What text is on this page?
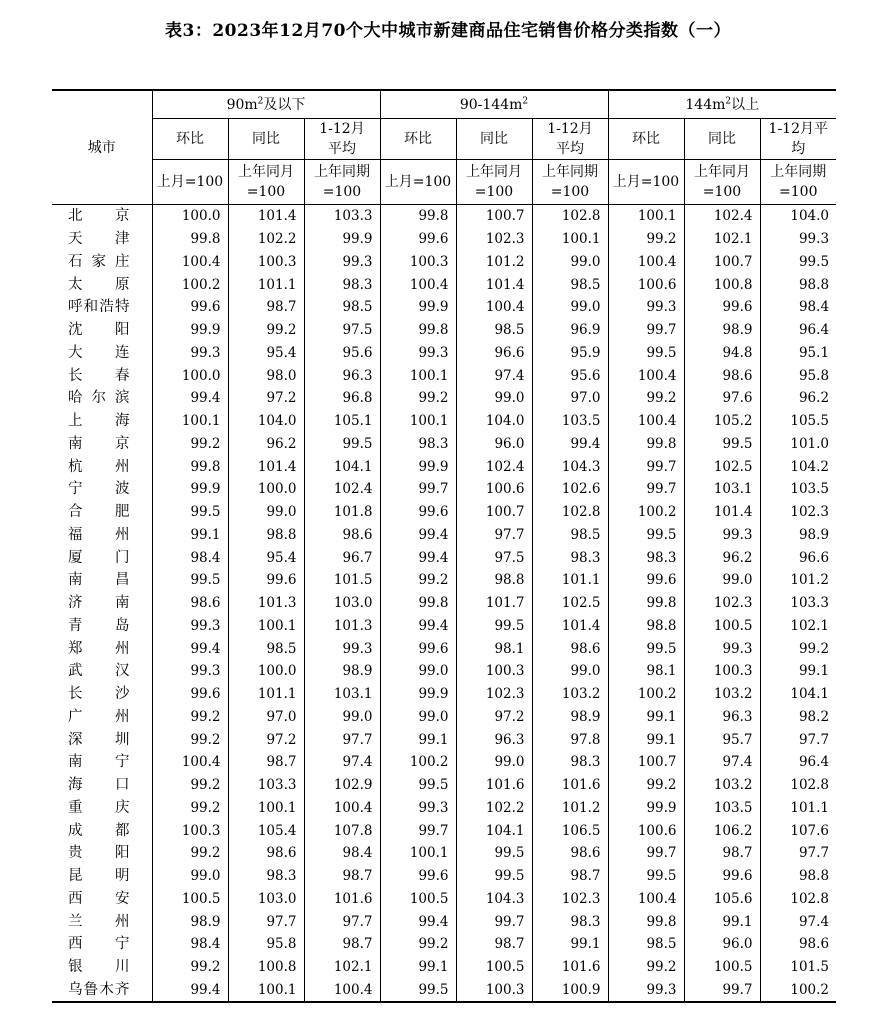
表3：2023年12月70个大中城市新建商品住宅销售价格分类指数（一）
城市	$90m^2$及以下			$90-144m^2$			$144m^2$以上		
	环比	同比	1-12月平均	环比	同比	1-12月平均	环比	同比	1-12月平均
	上月=100	上年同月=100	上年同期=100	上月=100	上年同月=100	上年同期=100	上月=100	上年同月=100	上年同期=100
北京	100.0	101.4	103.3	99.8	100.7	102.8	100.1	102.4	104.0
天津	99.8	102.2	99.9	99.6	102.3	100.1	99.2	102.1	99.3
石家庄	100.4	100.3	99.3	100.3	101.2	99.0	100.4	100.7	99.5
太原	100.2	101.1	98.3	100.4	101.4	98.5	100.6	100.8	98.8
呼和浩特	99.6	98.7	98.5	99.9	100.4	99.0	99.3	99.6	98.4
沈阳	99.9	99.2	97.5	99.8	98.5	96.9	99.7	98.9	96.4
大连	99.3	95.4	95.6	99.3	96.6	95.9	99.5	94.8	95.1
长春	100.0	98.0	96.3	100.1	97.4	95.6	100.4	98.6	95.8
哈尔滨	99.4	97.2	96.8	99.2	99.0	97.0	99.2	97.6	96.2
上海	100.1	104.0	105.1	100.1	104.0	103.5	100.4	105.2	105.5
南京	99.2	96.2	99.5	98.3	96.0	99.4	99.8	99.5	101.0
杭州	99.8	101.4	104.1	99.9	102.4	104.3	99.7	102.5	104.2
宁波	99.9	100.0	102.4	99.7	100.6	102.6	99.7	103.1	103.5
合肥	99.5	99.0	101.8	99.6	100.7	102.8	100.2	101.4	102.3
福州	99.1	98.8	98.6	99.4	97.7	98.5	99.5	99.3	98.9
厦门	98.4	95.4	96.7	99.4	97.5	98.3	98.3	96.2	96.6
南昌	99.5	99.6	101.5	99.2	98.8	101.1	99.6	99.0	101.2
济南	98.6	101.3	103.0	99.8	101.7	102.5	99.8	102.3	103.3
青岛	99.3	100.1	101.3	99.4	99.5	101.4	98.8	100.5	102.1
郑州	99.4	98.5	99.3	99.6	98.1	98.6	99.5	99.3	99.2
武汉	99.3	100.0	98.9	99.0	100.3	99.0	98.1	100.3	99.1
长沙	99.6	101.1	103.1	99.9	102.3	103.2	100.2	103.2	104.1
广州	99.2	97.0	99.0	99.0	97.2	98.9	99.1	96.3	98.2
深圳	99.2	97.2	97.7	99.1	96.3	97.8	99.1	95.7	97.7
南宁	100.4	98.7	97.4	100.2	99.0	98.3	100.7	97.4	96.4
海口	99.2	103.3	102.9	99.5	101.6	101.6	99.2	103.2	102.8
重庆	99.2	100.1	100.4	99.3	102.2	101.2	99.9	103.5	101.1
成都	100.3	105.4	107.8	99.7	104.1	106.5	100.6	106.2	107.6
贵阳	99.2	98.6	98.4	100.1	99.5	98.6	99.7	98.7	97.7
昆明	99.0	98.3	98.7	99.6	99.5	98.7	99.5	99.6	98.8
西安	100.5	103.0	101.6	100.5	104.3	102.3	100.4	105.6	102.8
兰州	98.9	97.7	97.7	99.4	99.7	98.3	99.8	99.1	97.4
西宁	98.4	95.8	98.7	99.2	98.7	99.1	98.5	96.0	98.6
银川	99.2	100.8	102.1	99.1	100.5	101.6	99.2	100.5	101.5
乌鲁木齐	99.4	100.1	100.4	99.5	100.3	100.9	99.3	99.7	100.2
